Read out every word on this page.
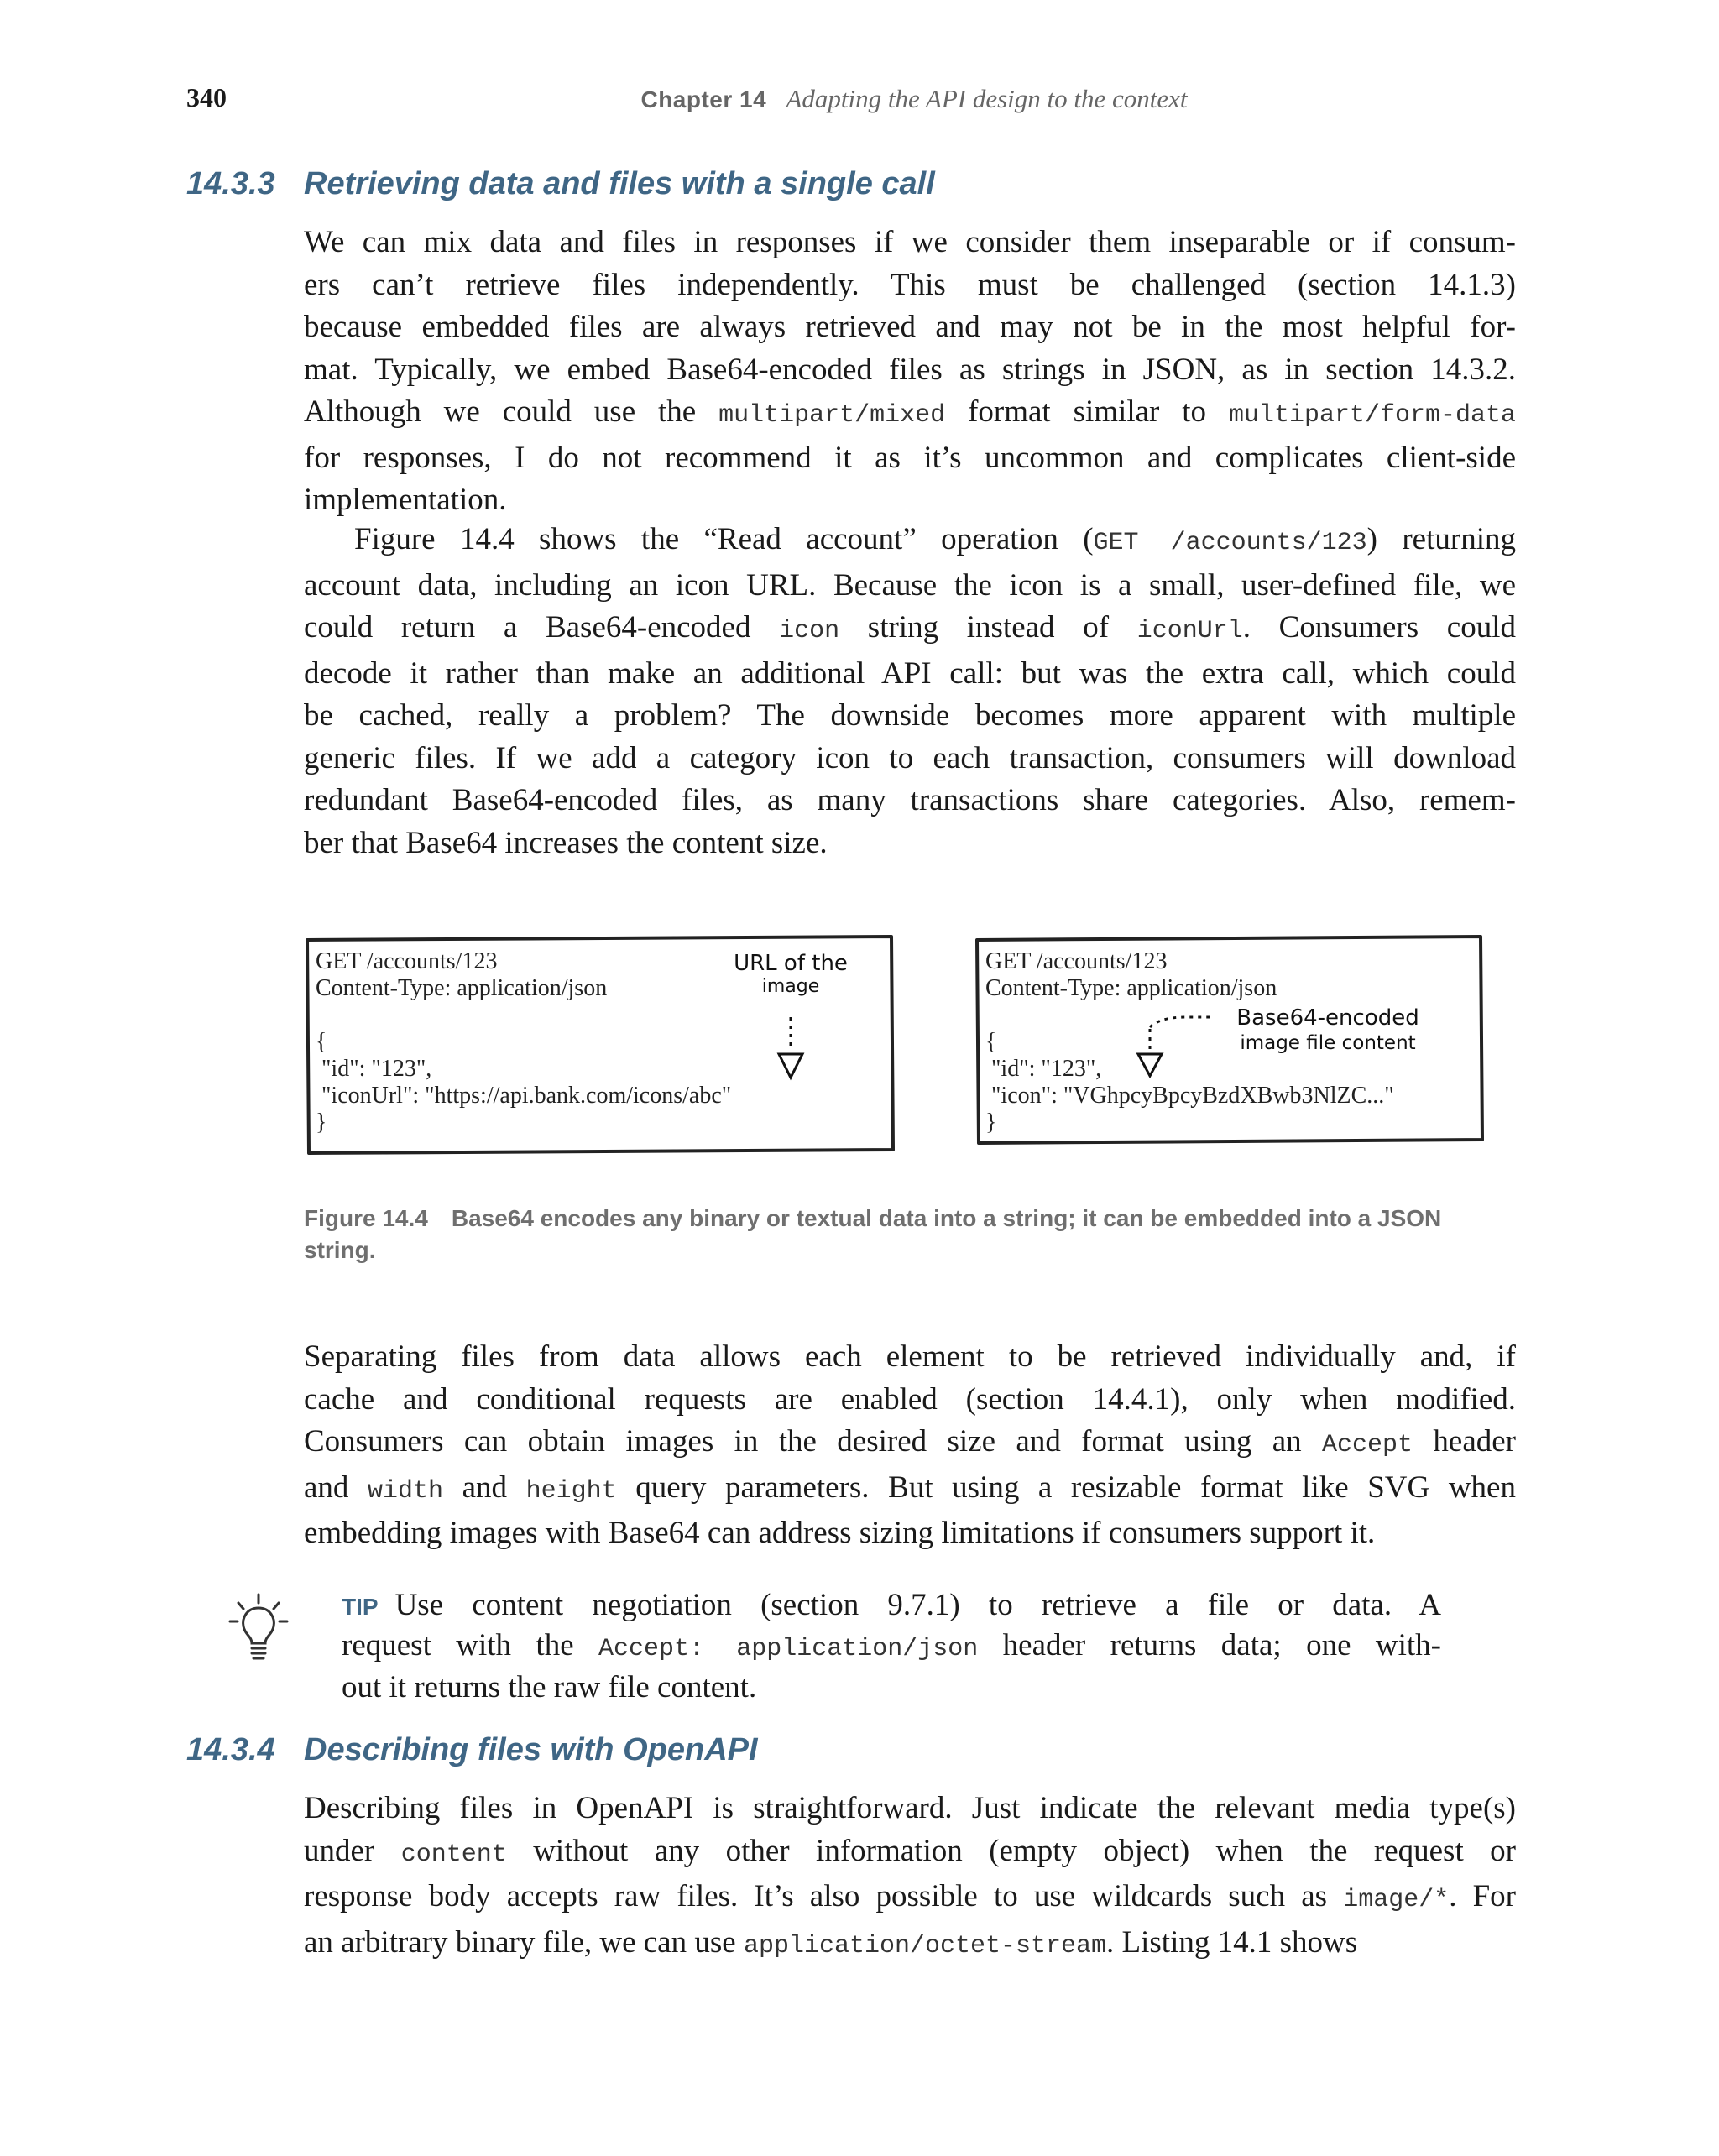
340	Chapter 14 Adapting the API design to the context
14.3.3 Retrieving data and files with a single call
We can mix data and files in responses if we consider them inseparable or if consum-
ers can’t retrieve files independently. This must be challenged (section 14.1.3)
because embedded files are always retrieved and may not be in the most helpful for-
mat. Typically, we embed Base64-encoded files as strings in JSON, as in section 14.3.2.
Although we could use the multipart/mixed format similar to multipart/form-data
for responses, I do not recommend it as it’s uncommon and complicates client-side
implementation.
Figure 14.4 shows the “Read account” operation (GET /accounts/123) returning
account data, including an icon URL. Because the icon is a small, user-defined file, we
could return a Base64-encoded icon string instead of iconUrl. Consumers could
decode it rather than make an additional API call: but was the extra call, which could
be cached, really a problem? The downside becomes more apparent with multiple
generic files. If we add a category icon to each transaction, consumers will download
redundant Base64-encoded files, as many transactions share categories. Also, remem-
ber that Base64 increases the content size.
GET /accounts/123
Content-Type: application/json

{
"id": "123",
"iconUrl": "https://api.bank.com/icons/abc"
}
URL of the
image
GET /accounts/123
Content-Type: application/json

{
"id": "123",
"icon": "VGhpcyBpcyBzdXBwb3NlZC..."
}
Base64-encoded
image file content
Figure 14.4 Base64 encodes any binary or textual data into a string; it can be embedded into a JSON string.
Separating files from data allows each element to be retrieved individually and, if
cache and conditional requests are enabled (section 14.4.1), only when modified.
Consumers can obtain images in the desired size and format using an Accept header
and width and height query parameters. But using a resizable format like SVG when
embedding images with Base64 can address sizing limitations if consumers support it.
TIP Use content negotiation (section 9.7.1) to retrieve a file or data. A
request with the Accept: application/json header returns data; one with-
out it returns the raw file content.
14.3.4 Describing files with OpenAPI
Describing files in OpenAPI is straightforward. Just indicate the relevant media type(s)
under content without any other information (empty object) when the request or
response body accepts raw files. It’s also possible to use wildcards such as image/*. For
an arbitrary binary file, we can use application/octet-stream. Listing 14.1 shows
